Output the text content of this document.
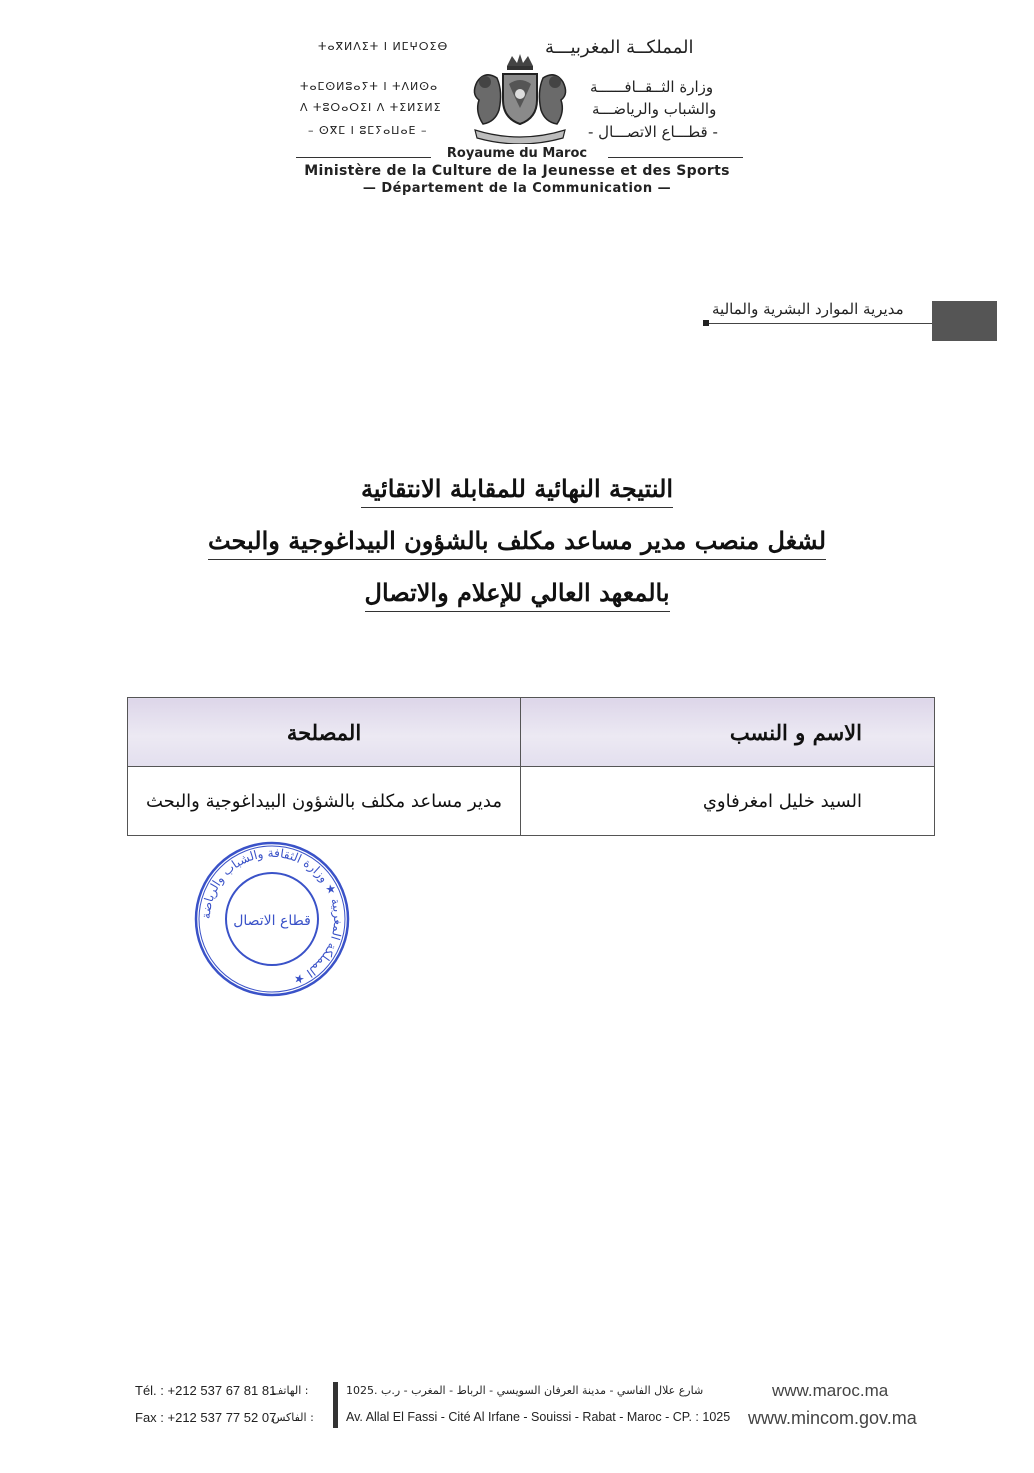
ⵜⴰⴳⵍⴷⵉⵜ ⵏ ⵍⵎⵖⵔⵉⴱ
ⵜⴰⵎⵙⵍⵓⴰⵢⵜ ⵏ ⵜⴷⵍⵙⴰ
ⴷ ⵜⵓⵔⴰⵔⵉⵏ ⴷ ⵜⵉⵍⵉⵍⵉ
– ⵙⴳⵎ ⵏ ⵓⵎⵢⴰⵡⴰⴹ –
المملكــة المغربيـــة
وزارة الثــقــافــــــة
والشباب والرياضـــة
- قطـــاع الاتصـــال -
Royaume du Maroc
Ministère de la Culture de la Jeunesse et des Sports
— Département de la Communication —
مديرية الموارد البشرية والمالية
النتيجة النهائية للمقابلة الانتقائية
لشغل منصب مدير مساعد مكلف بالشؤون البيداغوجية والبحث
بالمعهد العالي للإعلام والاتصال
الاسم و النسب	المصلحة
السيد خليل امغرفاوي	مدير مساعد مكلف بالشؤون البيداغوجية والبحث
المملكة المغربية ★ وزارة الثقافة والشباب والرياضة ★
قطاع الاتصال
Tél. : +212 537 67 81 81
: الهاتف
Fax : +212 537 77 52 07
: الفاكس
شارع علال الفاسي - مدينة العرفان السويسي - الرباط - المغرب - ر.ب .1025
Av. Allal El Fassi - Cité Al Irfane - Souissi - Rabat - Maroc - CP. : 1025
www.maroc.ma
www.mincom.gov.ma
